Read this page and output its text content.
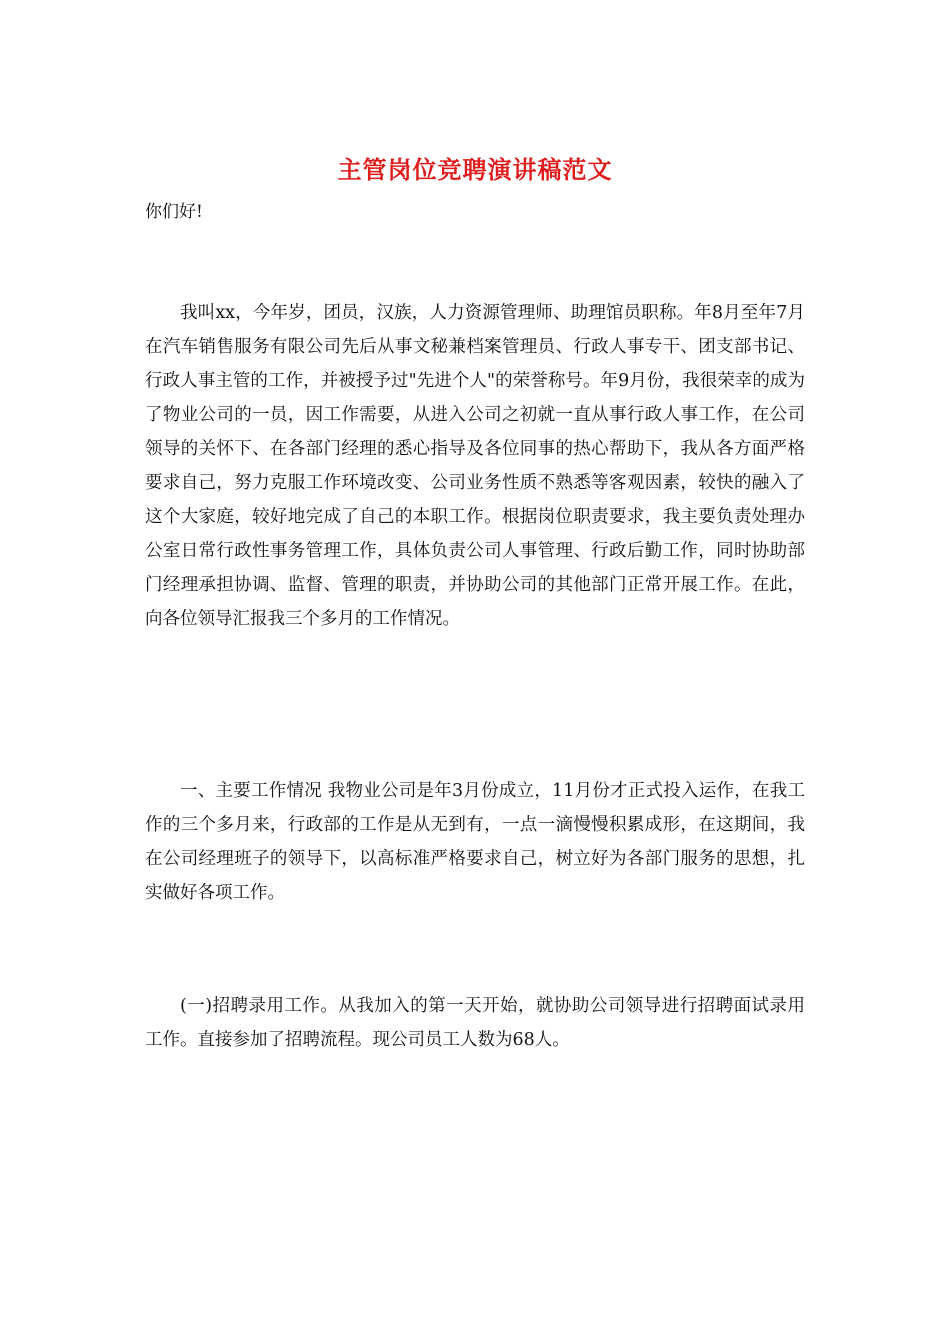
主管岗位竞聘演讲稿范文
你们好!

我叫xx，今年岁，团员，汉族，人力资源管理师、助理馆员职称。年8月至年7月在汽车销售服务有限公司先后从事文秘兼档案管理员、行政人事专干、团支部书记、行政人事主管的工作，并被授予过"先进个人"的荣誉称号。年9月份，我很荣幸的成为了物业公司的一员，因工作需要，从进入公司之初就一直从事行政人事工作，在公司领导的关怀下、在各部门经理的悉心指导及各位同事的热心帮助下，我从各方面严格要求自己，努力克服工作环境改变、公司业务性质不熟悉等客观因素，较快的融入了这个大家庭，较好地完成了自己的本职工作。根据岗位职责要求，我主要负责处理办公室日常行政性事务管理工作，具体负责公司人事管理、行政后勤工作，同时协助部门经理承担协调、监督、管理的职责，并协助公司的其他部门正常开展工作。在此，向各位领导汇报我三个多月的工作情况。

一、主要工作情况 我物业公司是年3月份成立，11月份才正式投入运作，在我工作的三个多月来，行政部的工作是从无到有，一点一滴慢慢积累成形，在这期间，我在公司经理班子的领导下，以高标准严格要求自己，树立好为各部门服务的思想，扎实做好各项工作。

(一)招聘录用工作。从我加入的第一天开始，就协助公司领导进行招聘面试录用工作。直接参加了招聘流程。现公司员工人数为68人。
